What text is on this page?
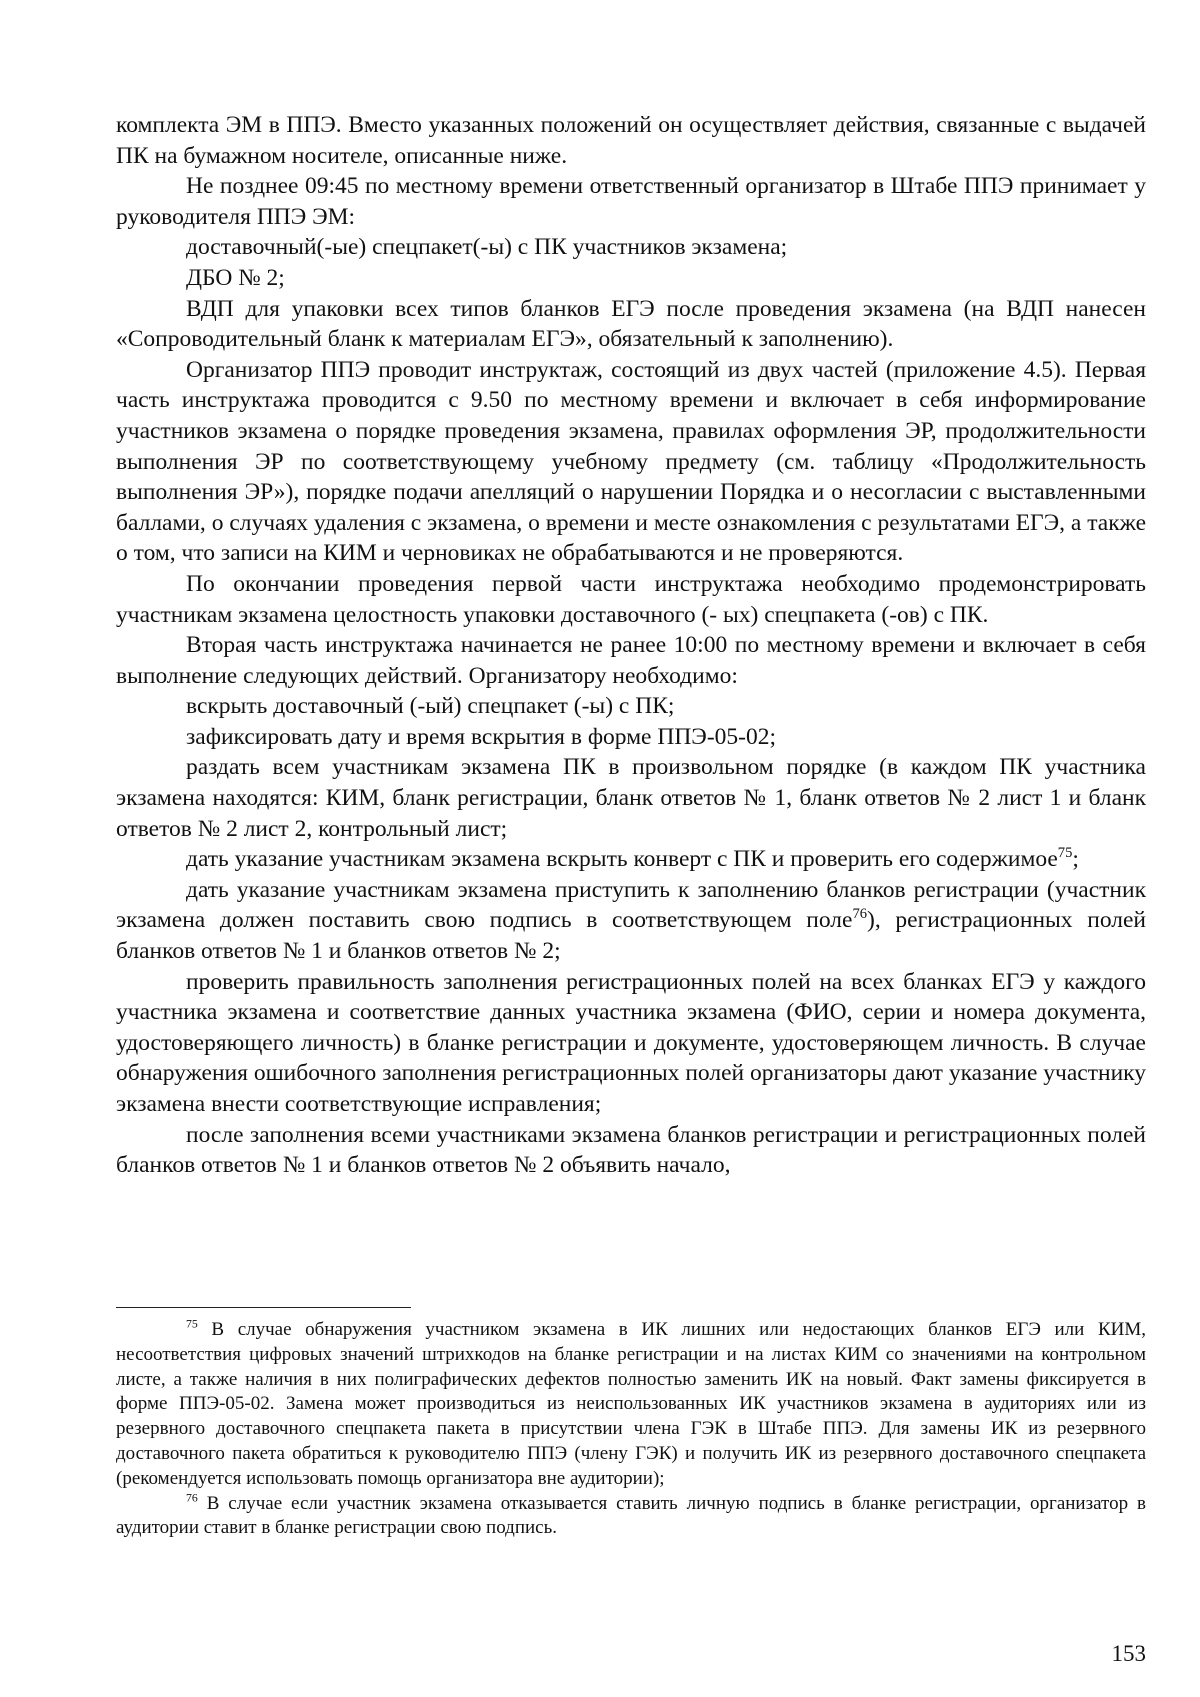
комплекта ЭМ в ППЭ. Вместо указанных положений он осуществляет действия, связанные с выдачей ПК на бумажном носителе, описанные ниже.

Не позднее 09:45 по местному времени ответственный организатор в Штабе ППЭ принимает у руководителя ППЭ ЭМ:

доставочный(-ые) спецпакет(-ы) с ПК участников экзамена;

ДБО № 2;

ВДП для упаковки всех типов бланков ЕГЭ после проведения экзамена (на ВДП нанесен «Сопроводительный бланк к материалам ЕГЭ», обязательный к заполнению).

Организатор ППЭ проводит инструктаж, состоящий из двух частей (приложение 4.5). Первая часть инструктажа проводится с 9.50 по местному времени и включает в себя информирование участников экзамена о порядке проведения экзамена, правилах оформления ЭР, продолжительности выполнения ЭР по соответствующему учебному предмету (см. таблицу «Продолжительность выполнения ЭР»), порядке подачи апелляций о нарушении Порядка и о несогласии с выставленными баллами, о случаях удаления с экзамена, о времени и месте ознакомления с результатами ЕГЭ, а также о том, что записи на КИМ и черновиках не обрабатываются и не проверяются.

По окончании проведения первой части инструктажа необходимо продемонстрировать участникам экзамена целостность упаковки доставочного (- ых) спецпакета (-ов) с ПК.

Вторая часть инструктажа начинается не ранее 10:00 по местному времени и включает в себя выполнение следующих действий. Организатору необходимо:

вскрыть доставочный (-ый) спецпакет (-ы) с ПК;

зафиксировать дату и время вскрытия в форме ППЭ-05-02;

раздать всем участникам экзамена ПК в произвольном порядке (в каждом ПК участника экзамена находятся: КИМ, бланк регистрации, бланк ответов № 1, бланк ответов № 2 лист 1 и бланк ответов № 2 лист 2, контрольный лист;

дать указание участникам экзамена вскрыть конверт с ПК и проверить его содержимое$^{75}$;

дать указание участникам экзамена приступить к заполнению бланков регистрации (участник экзамена должен поставить свою подпись в соответствующем поле$^{76}$), регистрационных полей бланков ответов № 1 и бланков ответов № 2;

проверить правильность заполнения регистрационных полей на всех бланках ЕГЭ у каждого участника экзамена и соответствие данных участника экзамена (ФИО, серии и номера документа, удостоверяющего личность) в бланке регистрации и документе, удостоверяющем личность. В случае обнаружения ошибочного заполнения регистрационных полей организаторы дают указание участнику экзамена внести соответствующие исправления;

после заполнения всеми участниками экзамена бланков регистрации и регистрационных полей бланков ответов № 1 и бланков ответов № 2 объявить начало,

$^{75}$ В случае обнаружения участником экзамена в ИК лишних или недостающих бланков ЕГЭ или КИМ, несоответствия цифровых значений штрихкодов на бланке регистрации и на листах КИМ со значениями на контрольном листе, а также наличия в них полиграфических дефектов полностью заменить ИК на новый. Факт замены фиксируется в форме ППЭ-05-02. Замена может производиться из неиспользованных ИК участников экзамена в аудиториях или из резервного доставочного спецпакета пакета в присутствии члена ГЭК в Штабе ППЭ. Для замены ИК из резервного доставочного пакета обратиться к руководителю ППЭ (члену ГЭК) и получить ИК из резервного доставочного спецпакета (рекомендуется использовать помощь организатора вне аудитории);

$^{76}$ В случае если участник экзамена отказывается ставить личную подпись в бланке регистрации, организатор в аудитории ставит в бланке регистрации свою подпись.

153
